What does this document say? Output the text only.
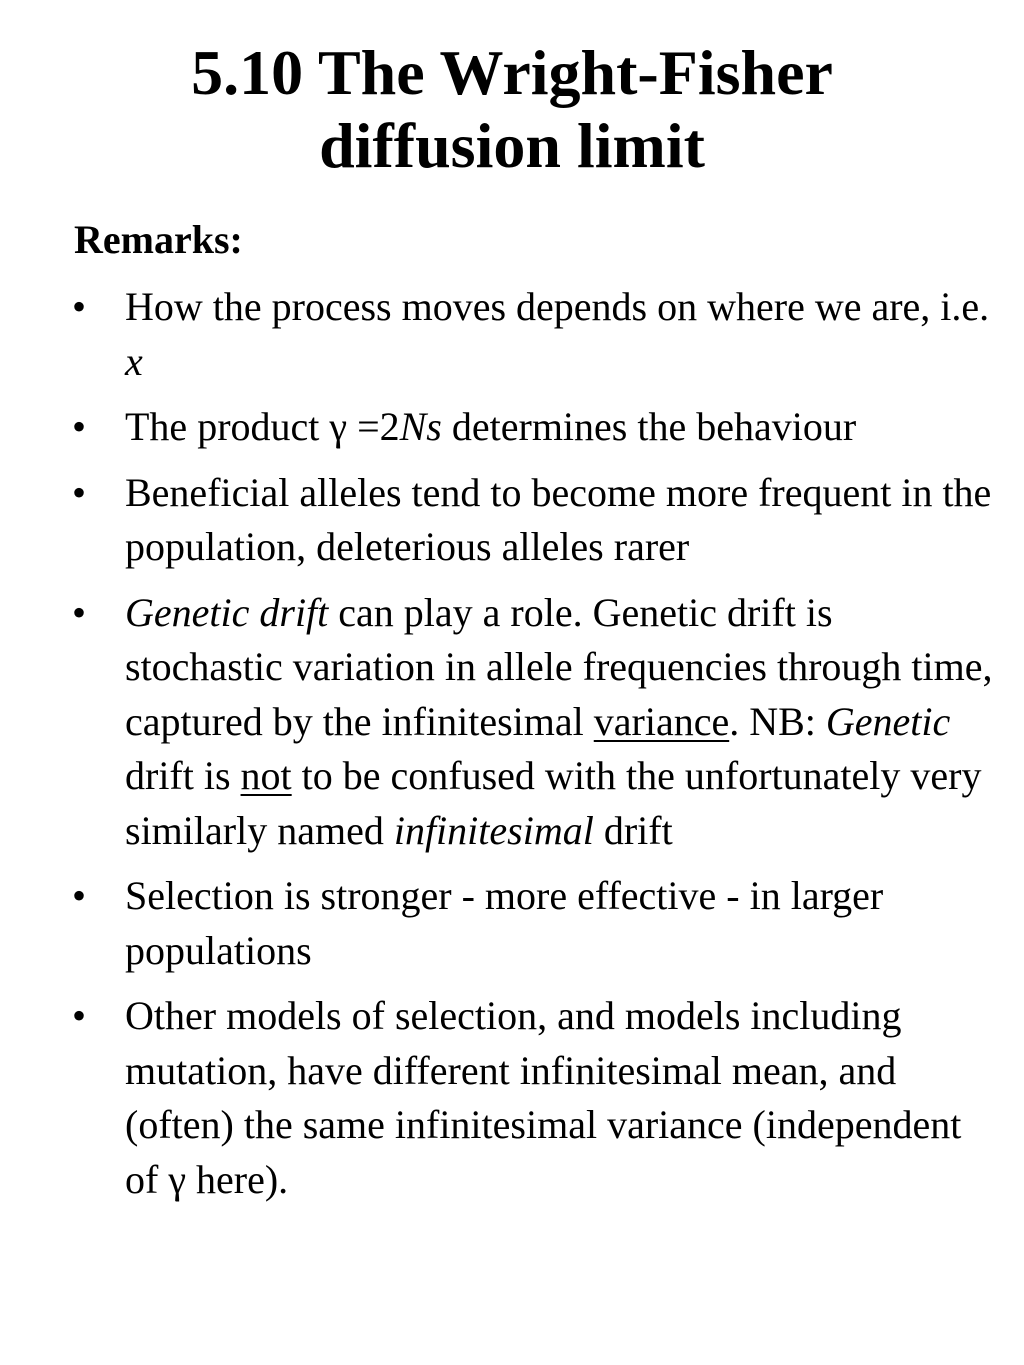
5.10 The Wright-Fisher
diffusion limit

Remarks:

• How the process moves depends on where we are, i.e. x
• The product γ =2Ns determines the behaviour
• Beneficial alleles tend to become more frequent in the population, deleterious alleles rarer
• Genetic drift can play a role. Genetic drift is stochastic variation in allele frequencies through time, captured by the infinitesimal variance. NB: Genetic drift is not to be confused with the unfortunately very similarly named infinitesimal drift
• Selection is stronger - more effective - in larger populations
• Other models of selection, and models including mutation, have different infinitesimal mean, and (often) the same infinitesimal variance (independent of γ here).
